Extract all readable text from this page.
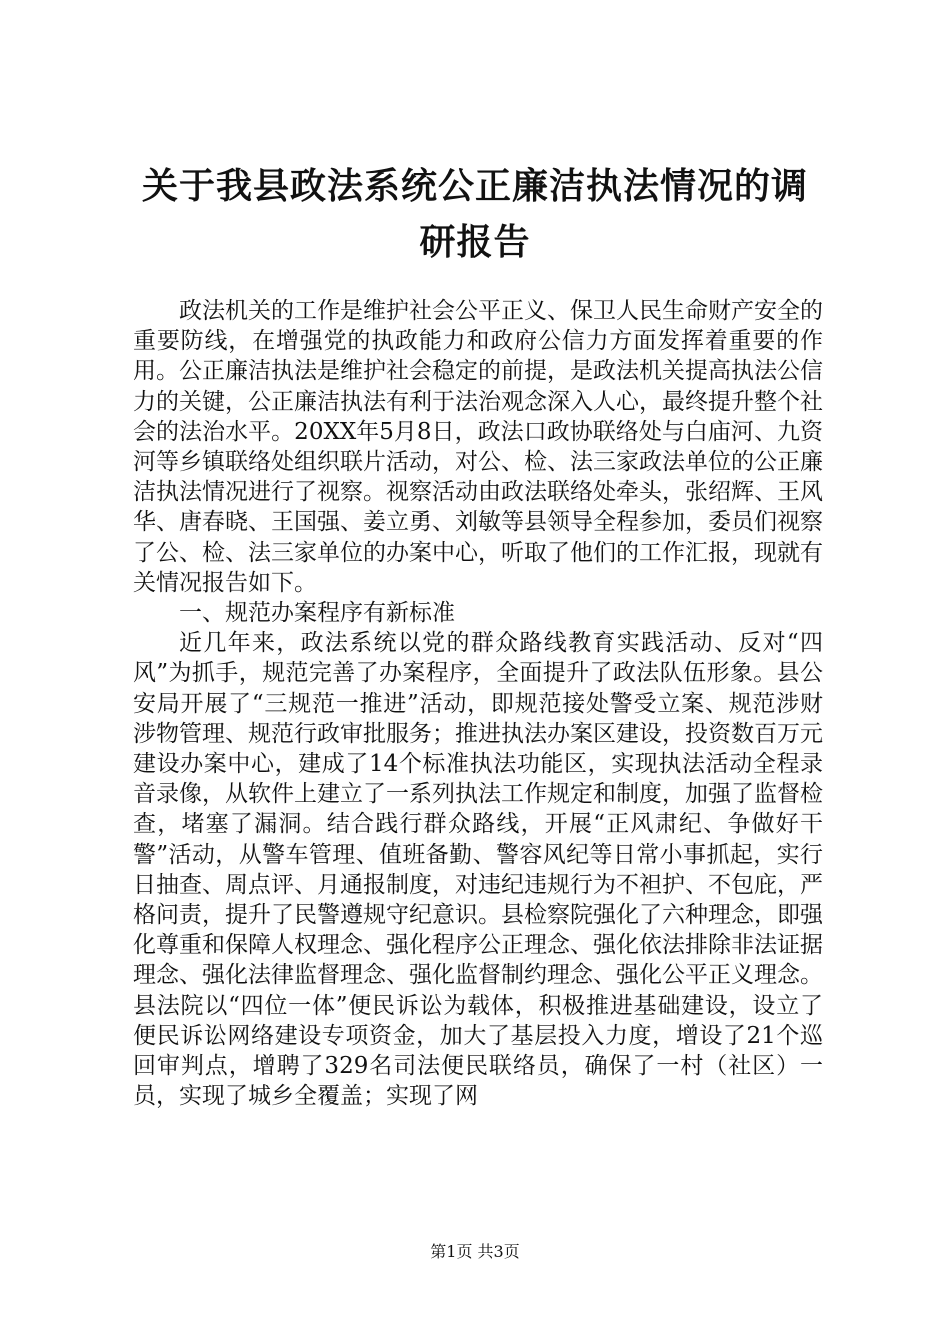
关于我县政法系统公正廉洁执法情况的调研报告

政法机关的工作是维护社会公平正义、保卫人民生命财产安全的重要防线，在增强党的执政能力和政府公信力方面发挥着重要的作用。公正廉洁执法是维护社会稳定的前提，是政法机关提高执法公信力的关键，公正廉洁执法有利于法治观念深入人心，最终提升整个社会的法治水平。20XX年5月8日，政法口政协联络处与白庙河、九资河等乡镇联络处组织联片活动，对公、检、法三家政法单位的公正廉洁执法情况进行了视察。视察活动由政法联络处牵头，张绍辉、王风华、唐春晓、王国强、姜立勇、刘敏等县领导全程参加，委员们视察了公、检、法三家单位的办案中心，听取了他们的工作汇报，现就有关情况报告如下。

一、规范办案程序有新标准

近几年来，政法系统以党的群众路线教育实践活动、反对“四风”为抓手，规范完善了办案程序，全面提升了政法队伍形象。县公安局开展了“三规范一推进”活动，即规范接处警受立案、规范涉财涉物管理、规范行政审批服务；推进执法办案区建设，投资数百万元建设办案中心，建成了14个标准执法功能区，实现执法活动全程录音录像，从软件上建立了一系列执法工作规定和制度，加强了监督检查，堵塞了漏洞。结合践行群众路线，开展“正风肃纪、争做好干警”活动，从警车管理、值班备勤、警容风纪等日常小事抓起，实行日抽查、周点评、月通报制度，对违纪违规行为不袒护、不包庇，严格问责，提升了民警遵规守纪意识。县检察院强化了六种理念，即强化尊重和保障人权理念、强化程序公正理念、强化依法排除非法证据理念、强化法律监督理念、强化监督制约理念、强化公平正义理念。县法院以“四位一体”便民诉讼为载体，积极推进基础建设，设立了便民诉讼网络建设专项资金，加大了基层投入力度，增设了21个巡回审判点，增聘了329名司法便民联络员，确保了一村（社区）一员，实现了城乡全覆盖；实现了网

第1页 共3页
